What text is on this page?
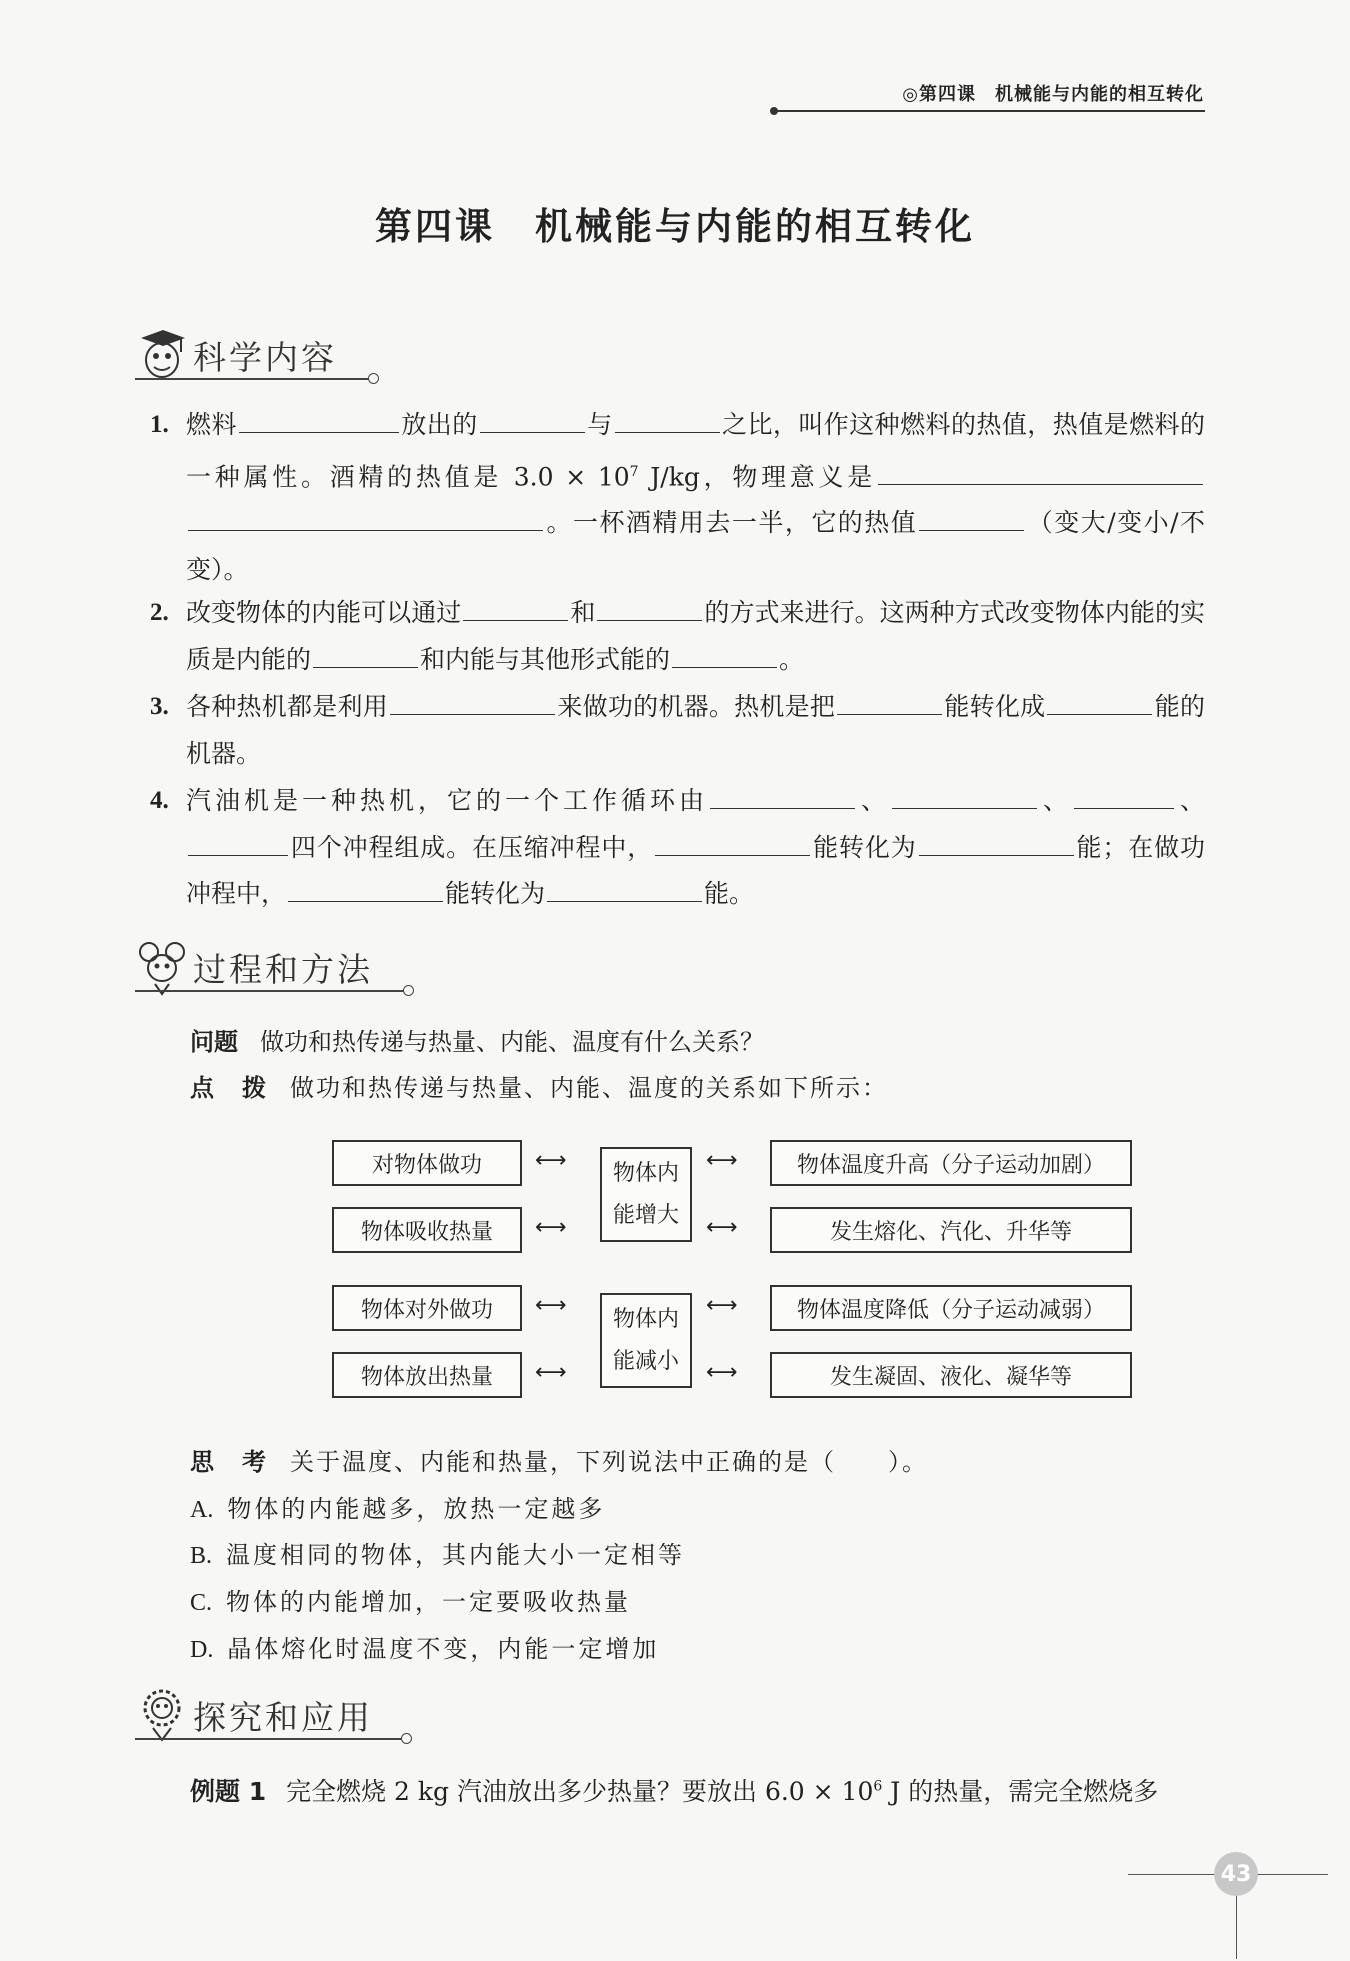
◎第四课　机械能与内能的相互转化
第四课　机械能与内能的相互转化
科学内容
1. 燃料	放出的	与	之比，叫作这种燃料的热值，热值是燃料的一种属性。酒精的热值是 $3.0 \times 10^7$ J/kg，物理意义是。一杯酒精用去一半，它的热值	（变大/变小/不变）。
2. 改变物体的内能可以通过	和	的方式来进行。这两种方式改变物体内能的实质是内能的	和内能与其他形式能的	。
3. 各种热机都是利用	来做功的机器。热机是把	能转化成	能的机器。
4. 汽油机是一种热机，它的一个工作循环由	、	、	、四个冲程组成。在压缩冲程中，	能转化为	能；在做功冲程中，	能转化为	能。
过程和方法
问题 做功和热传递与热量、内能、温度有什么关系？
点　拨 做功和热传递与热量、内能、温度的关系如下所示：
对物体做功
物体吸收热量
⟷
⟷
物体内能增大
⟷
⟷
物体温度升高（分子运动加剧）
发生熔化、汽化、升华等
物体对外做功
物体放出热量
⟷
⟷
物体内能减小
⟷
⟷
物体温度降低（分子运动减弱）
发生凝固、液化、凝华等
思　考 关于温度、内能和热量，下列说法中正确的是（　　）。
A. 物体的内能越多，放热一定越多
B. 温度相同的物体，其内能大小一定相等
C. 物体的内能增加，一定要吸收热量
D. 晶体熔化时温度不变，内能一定增加
探究和应用
例题 1 完全燃烧 2 kg 汽油放出多少热量？要放出 $6.0 \times 10^6$ J 的热量，需完全燃烧多
43
